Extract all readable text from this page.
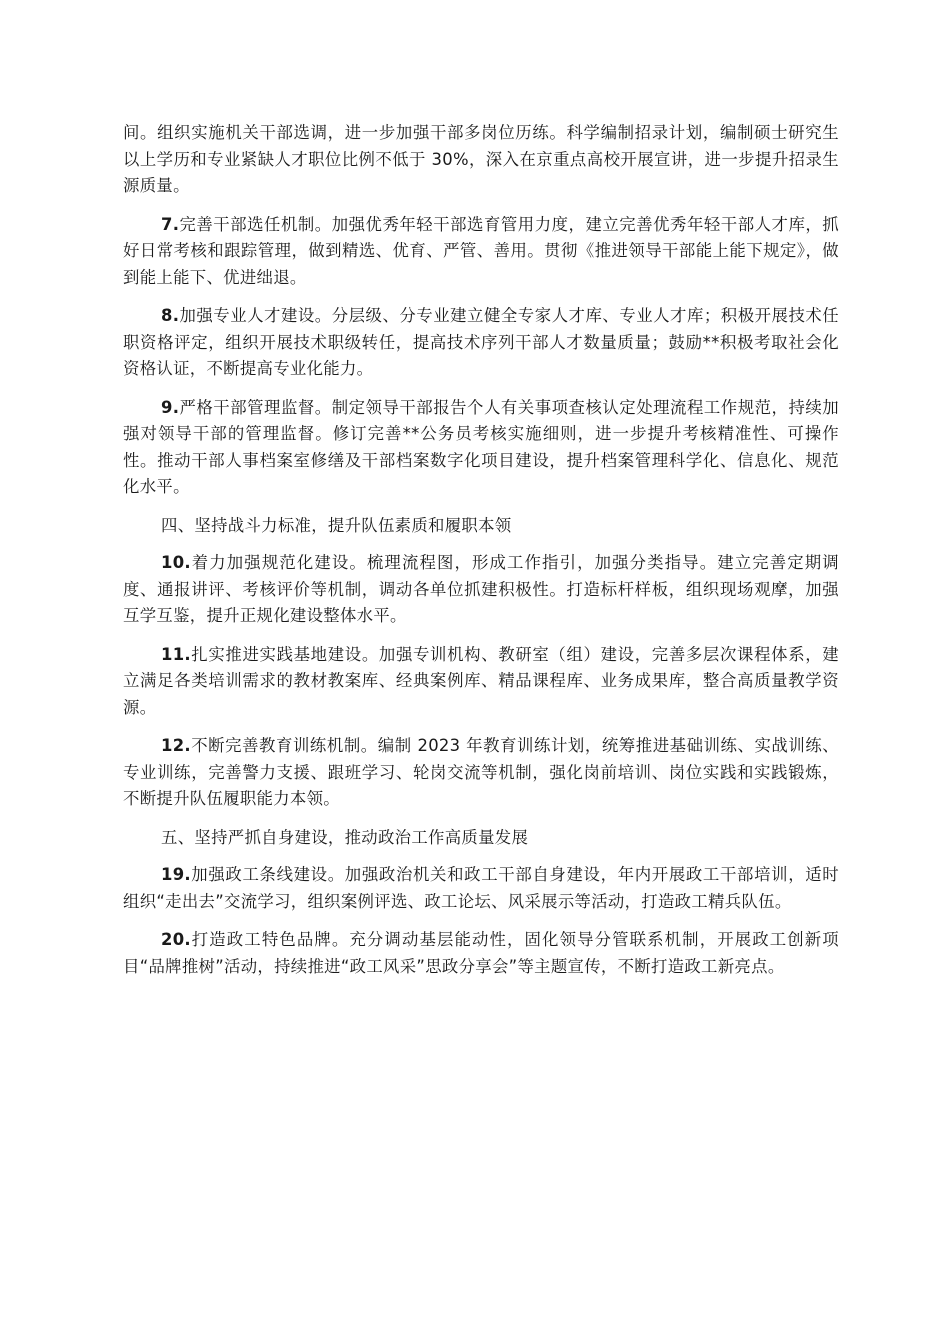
间。组织实施机关干部选调，进一步加强干部多岗位历练。科学编制招录计划，编制硕士研究生以上学历和专业紧缺人才职位比例不低于 30%，深入在京重点高校开展宣讲，进一步提升招录生源质量。

7.完善干部选任机制。加强优秀年轻干部选育管用力度，建立完善优秀年轻干部人才库，抓好日常考核和跟踪管理，做到精选、优育、严管、善用。贯彻《推进领导干部能上能下规定》，做到能上能下、优进绌退。

8.加强专业人才建设。分层级、分专业建立健全专家人才库、专业人才库；积极开展技术任职资格评定，组织开展技术职级转任，提高技术序列干部人才数量质量；鼓励**积极考取社会化资格认证，不断提高专业化能力。

9.严格干部管理监督。制定领导干部报告个人有关事项查核认定处理流程工作规范，持续加强对领导干部的管理监督。修订完善**公务员考核实施细则，进一步提升考核精准性、可操作性。推动干部人事档案室修缮及干部档案数字化项目建设，提升档案管理科学化、信息化、规范化水平。

四、坚持战斗力标准，提升队伍素质和履职本领

10.着力加强规范化建设。梳理流程图，形成工作指引，加强分类指导。建立完善定期调度、通报讲评、考核评价等机制，调动各单位抓建积极性。打造标杆样板，组织现场观摩，加强互学互鉴，提升正规化建设整体水平。

11.扎实推进实践基地建设。加强专训机构、教研室（组）建设，完善多层次课程体系，建立满足各类培训需求的教材教案库、经典案例库、精品课程库、业务成果库，整合高质量教学资源。

12.不断完善教育训练机制。编制 2023 年教育训练计划，统筹推进基础训练、实战训练、专业训练，完善警力支援、跟班学习、轮岗交流等机制，强化岗前培训、岗位实践和实践锻炼，不断提升队伍履职能力本领。

五、坚持严抓自身建设，推动政治工作高质量发展

19.加强政工条线建设。加强政治机关和政工干部自身建设，年内开展政工干部培训，适时组织“走出去”交流学习，组织案例评选、政工论坛、风采展示等活动，打造政工精兵队伍。

20.打造政工特色品牌。充分调动基层能动性，固化领导分管联系机制，开展政工创新项目“品牌推树”活动，持续推进“政工风采”思政分享会”等主题宣传，不断打造政工新亮点。
